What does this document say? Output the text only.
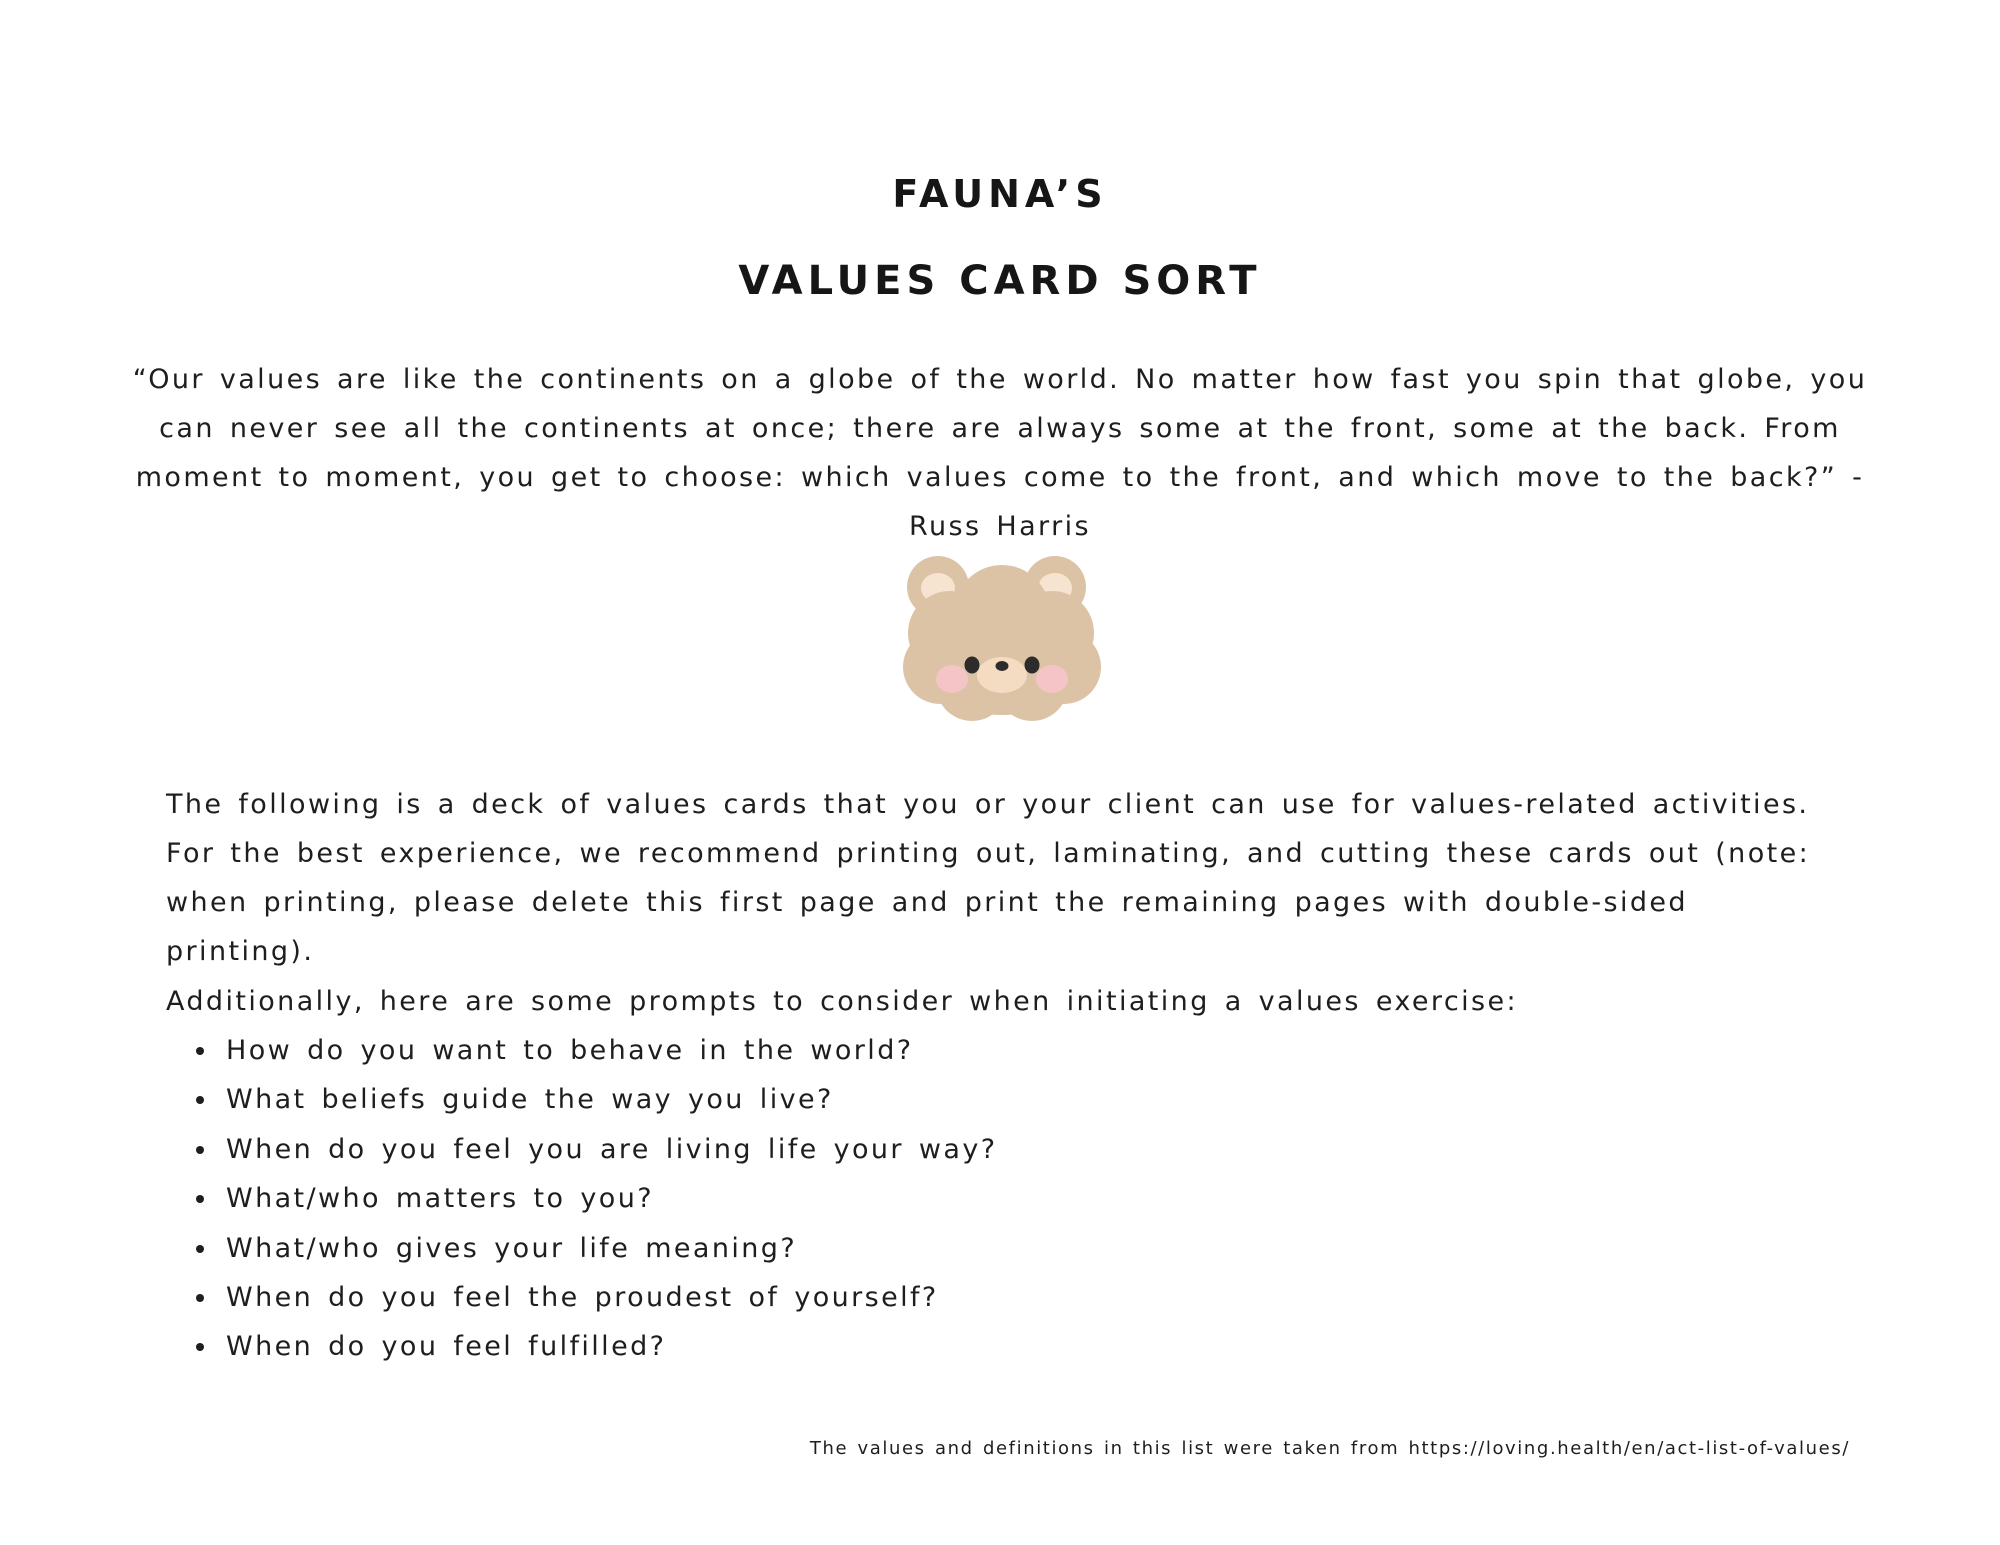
FAUNA’S
VALUES CARD SORT
“Our values are like the continents on a globe of the world. No matter how fast you spin that globe, you can never see all the continents at once; there are always some at the front, some at the back. From moment to moment, you get to choose: which values come to the front, and which move to the back?” - Russ Harris
The following is a deck of values cards that you or your client can use for values-related activities. For the best experience, we recommend printing out, laminating, and cutting these cards out (note: when printing, please delete this first page and print the remaining pages with double-sided printing).
Additionally, here are some prompts to consider when initiating a values exercise:
How do you want to behave in the world?
What beliefs guide the way you live?
When do you feel you are living life your way?
What/who matters to you?
What/who gives your life meaning?
When do you feel the proudest of yourself?
When do you feel fulfilled?
The values and definitions in this list were taken from https://loving.health/en/act-list-of-values/
